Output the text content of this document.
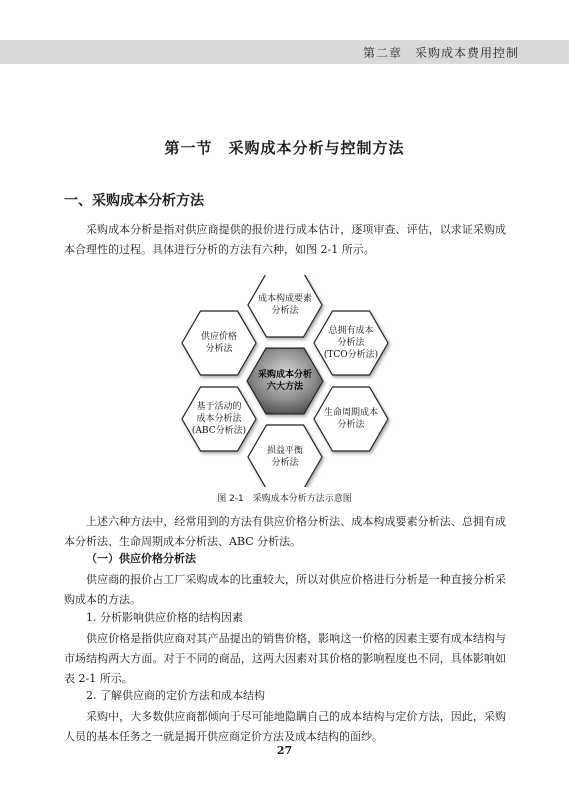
第二章　采购成本费用控制
第一节　采购成本分析与控制方法
一、采购成本分析方法

采购成本分析是指对供应商提供的报价进行成本估计，逐项审查、评估，以求证采购成本合理性的过程。具体进行分析的方法有六种，如图 2-1 所示。

成本构成要素
分析法
总拥有成本
分析法
(TCO分析法)
生命周期成本
分析法
损益平衡
分析法
基于活动的
成本分析法
(ABC分析法)
供应价格
分析法
采购成本分析
六大方法
图 2-1　采购成本分析方法示意图

上述六种方法中，经常用到的方法有供应价格分析法、成本构成要素分析法、总拥有成本分析法、生命周期成本分析法、ABC 分析法。

（一）供应价格分析法

供应商的报价占工厂采购成本的比重较大，所以对供应价格进行分析是一种直接分析采购成本的方法。

1. 分析影响供应价格的结构因素

供应价格是指供应商对其产品提出的销售价格，影响这一价格的因素主要有成本结构与市场结构两大方面。对于不同的商品，这两大因素对其价格的影响程度也不同，具体影响如表 2-1 所示。

2. 了解供应商的定价方法和成本结构

采购中，大多数供应商都倾向于尽可能地隐瞒自己的成本结构与定价方法，因此，采购人员的基本任务之一就是揭开供应商定价方法及成本结构的面纱。

27
